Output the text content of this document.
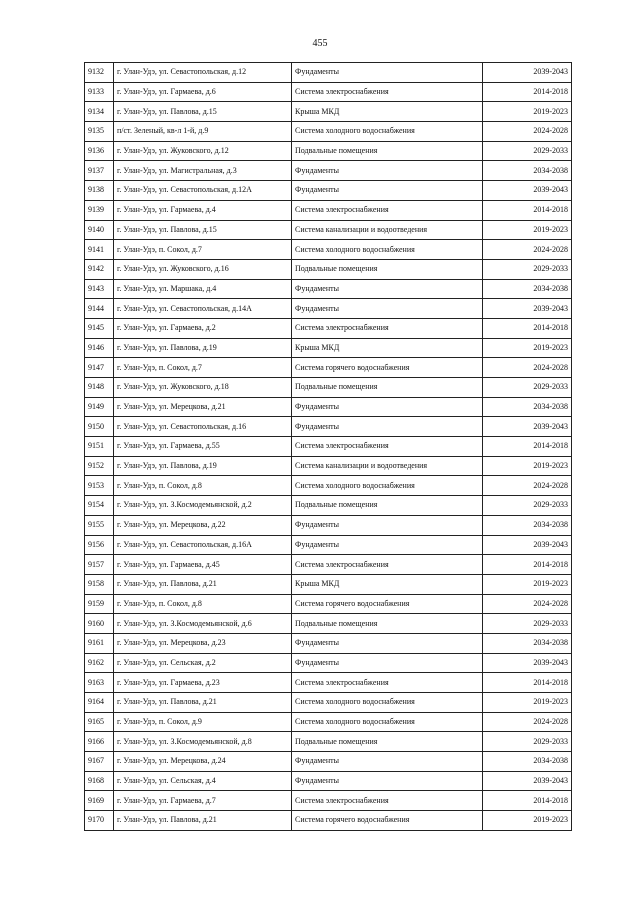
455
9132	г. Улан-Удэ, ул. Севастопольская, д.12	Фундаменты	2039-2043
9133	г. Улан-Удэ, ул. Гармаева, д.6	Система электроснабжения	2014-2018
9134	г. Улан-Удэ, ул. Павлова, д.15	Крыша МКД	2019-2023
9135	п/ст. Зеленый, кв-л 1-й, д.9	Система холодного водоснабжения	2024-2028
9136	г. Улан-Удэ, ул. Жуковского, д.12	Подвальные помещения	2029-2033
9137	г. Улан-Удэ, ул. Магистральная, д.3	Фундаменты	2034-2038
9138	г. Улан-Удэ, ул. Севастопольская, д.12А	Фундаменты	2039-2043
9139	г. Улан-Удэ, ул. Гармаева, д.4	Система электроснабжения	2014-2018
9140	г. Улан-Удэ, ул. Павлова, д.15	Система канализации и водоотведения	2019-2023
9141	г. Улан-Удэ, п. Сокол, д.7	Система холодного водоснабжения	2024-2028
9142	г. Улан-Удэ, ул. Жуковского, д.16	Подвальные помещения	2029-2033
9143	г. Улан-Удэ, ул. Маршака, д.4	Фундаменты	2034-2038
9144	г. Улан-Удэ, ул. Севастопольская, д.14А	Фундаменты	2039-2043
9145	г. Улан-Удэ, ул. Гармаева, д.2	Система электроснабжения	2014-2018
9146	г. Улан-Удэ, ул. Павлова, д.19	Крыша МКД	2019-2023
9147	г. Улан-Удэ, п. Сокол, д.7	Система горячего водоснабжения	2024-2028
9148	г. Улан-Удэ, ул. Жуковского, д.18	Подвальные помещения	2029-2033
9149	г. Улан-Удэ, ул. Мерецкова, д.21	Фундаменты	2034-2038
9150	г. Улан-Удэ, ул. Севастопольская, д.16	Фундаменты	2039-2043
9151	г. Улан-Удэ, ул. Гармаева, д.55	Система электроснабжения	2014-2018
9152	г. Улан-Удэ, ул. Павлова, д.19	Система канализации и водоотведения	2019-2023
9153	г. Улан-Удэ, п. Сокол, д.8	Система холодного водоснабжения	2024-2028
9154	г. Улан-Удэ, ул. З.Космодемьянской, д.2	Подвальные помещения	2029-2033
9155	г. Улан-Удэ, ул. Мерецкова, д.22	Фундаменты	2034-2038
9156	г. Улан-Удэ, ул. Севастопольская, д.16А	Фундаменты	2039-2043
9157	г. Улан-Удэ, ул. Гармаева, д.45	Система электроснабжения	2014-2018
9158	г. Улан-Удэ, ул. Павлова, д.21	Крыша МКД	2019-2023
9159	г. Улан-Удэ, п. Сокол, д.8	Система горячего водоснабжения	2024-2028
9160	г. Улан-Удэ, ул. З.Космодемьянской, д.6	Подвальные помещения	2029-2033
9161	г. Улан-Удэ, ул. Мерецкова, д.23	Фундаменты	2034-2038
9162	г. Улан-Удэ, ул. Сельская, д.2	Фундаменты	2039-2043
9163	г. Улан-Удэ, ул. Гармаева, д.23	Система электроснабжения	2014-2018
9164	г. Улан-Удэ, ул. Павлова, д.21	Система холодного водоснабжения	2019-2023
9165	г. Улан-Удэ, п. Сокол, д.9	Система холодного водоснабжения	2024-2028
9166	г. Улан-Удэ, ул. З.Космодемьянской, д.8	Подвальные помещения	2029-2033
9167	г. Улан-Удэ, ул. Мерецкова, д.24	Фундаменты	2034-2038
9168	г. Улан-Удэ, ул. Сельская, д.4	Фундаменты	2039-2043
9169	г. Улан-Удэ, ул. Гармаева, д.7	Система электроснабжения	2014-2018
9170	г. Улан-Удэ, ул. Павлова, д.21	Система горячего водоснабжения	2019-2023
